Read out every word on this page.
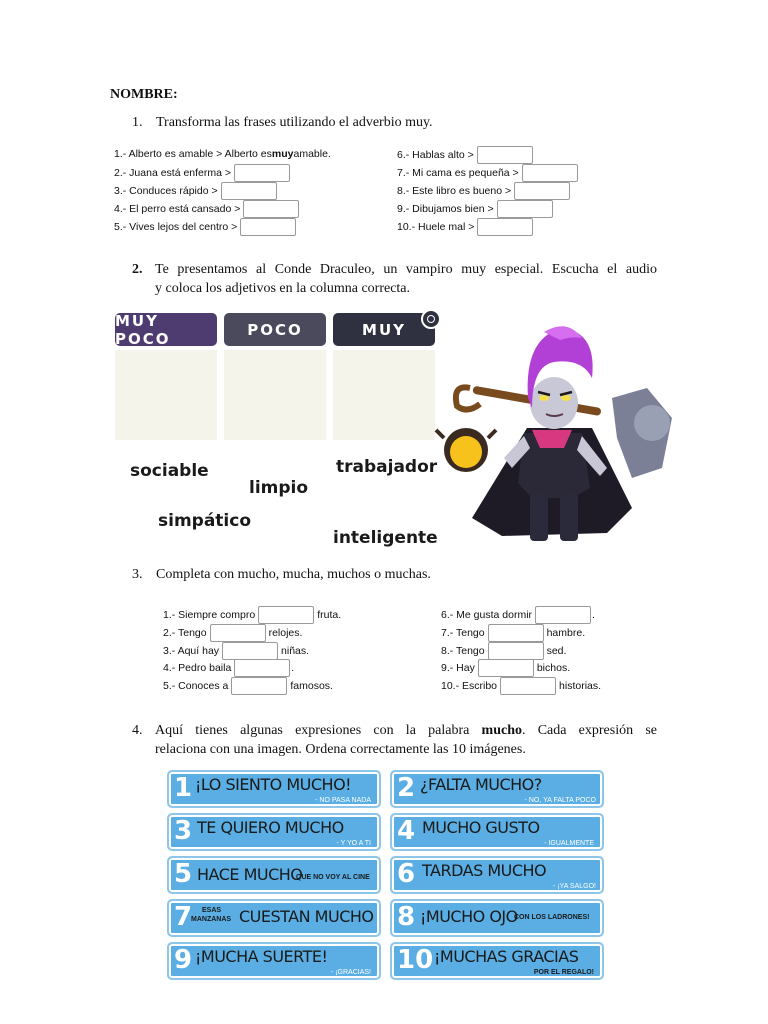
NOMBRE:
1. Transforma las frases utilizando el adverbio muy.
1.- Alberto es amable > Alberto es muy amable.
2.- Juana está enferma >
3.- Conduces rápido >
4.- El perro está cansado >
5.- Vives lejos del centro >
6.- Hablas alto >
7.- Mi cama es pequeña >
8.- Este libro es bueno >
9.- Dibujamos bien >
10.- Huele mal >
2. Te presentamos al Conde Draculeo, un vampiro muy especial. Escucha el audio
y coloca los adjetivos en la columna correcta.
MUY POCO	POCO	MUY
sociable
limpio
trabajador
simpático
inteligente
3. Completa con mucho, mucha, muchos o muchas.
1.- Siempre compro	fruta.
2.- Tengo	relojes.
3.- Aquí hay	niñas.
4.- Pedro baila	.
5.- Conoces a	famosos.
6.- Me gusta dormir	.
7.- Tengo	hambre.
8.- Tengo	sed.
9.- Hay	bichos.
10.- Escribo	historias.
4. Aquí tienes algunas expresiones con la palabra mucho. Cada expresión se
relaciona con una imagen. Ordena correctamente las 10 imágenes.
1 ¡LO SIENTO MUCHO!
- NO PASA NADA 2 ¿FALTA MUCHO?
- NO, YA FALTA POCO
3 TE QUIERO MUCHO
- Y YO A TI 4 MUCHO GUSTO
- IGUALMENTE
5 HACE MUCHO
QUE NO VOY AL CINE 6 TARDAS MUCHO
- ¡YA SALGO!
7 ESAS
MANZANAS CUESTAN MUCHO 8 ¡MUCHO OJO
CON LOS LADRONES!
9 ¡MUCHA SUERTE!
- ¡GRACIAS! 10 ¡MUCHAS GRACIAS
POR EL REGALO!
